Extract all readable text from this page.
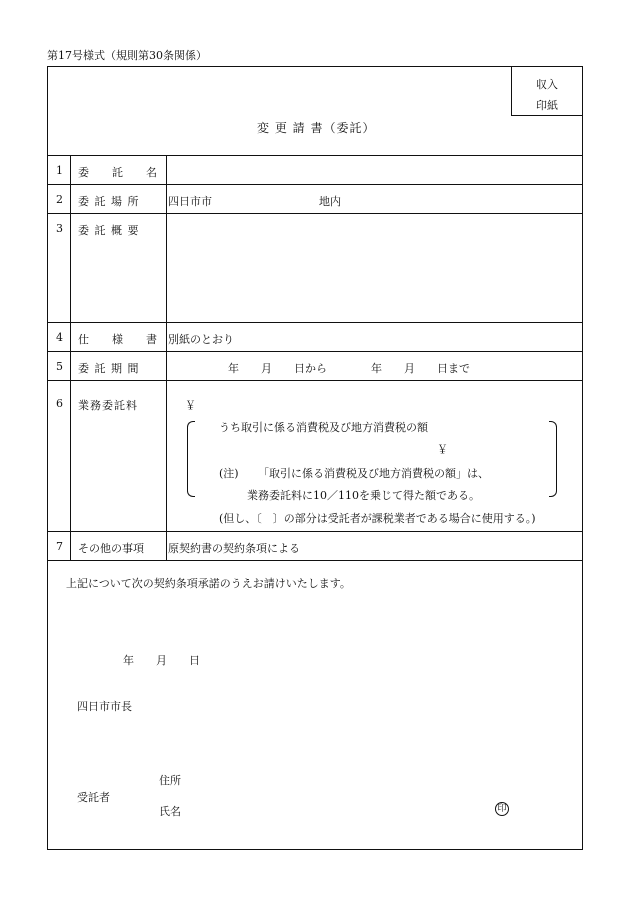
第17号様式（規則第30条関係）
収入
印紙
変 更 請 書（委託）
1 委　託　名
2 委 託 場 所	四日市市	地内
3 委 託 概 要
4 仕　様　書 別紙のとおり
5 委 託 期 間	年　　月　　日から　　　　年　　月　　日まで
6 業務委託料	￥
うち取引に係る消費税及び地方消費税の額
￥
(注) 「取引に係る消費税及び地方消費税の額」は、
業務委託料に10／110を乗じて得た額である。
(但し、〔　〕の部分は受託者が課税業者である場合に使用する。)
7 その他の事項 原契約書の契約条項による
上記について次の契約条項承諾のうえお請けいたします。
年　　月　　日
四日市市長
受託者
住所
氏名	印
